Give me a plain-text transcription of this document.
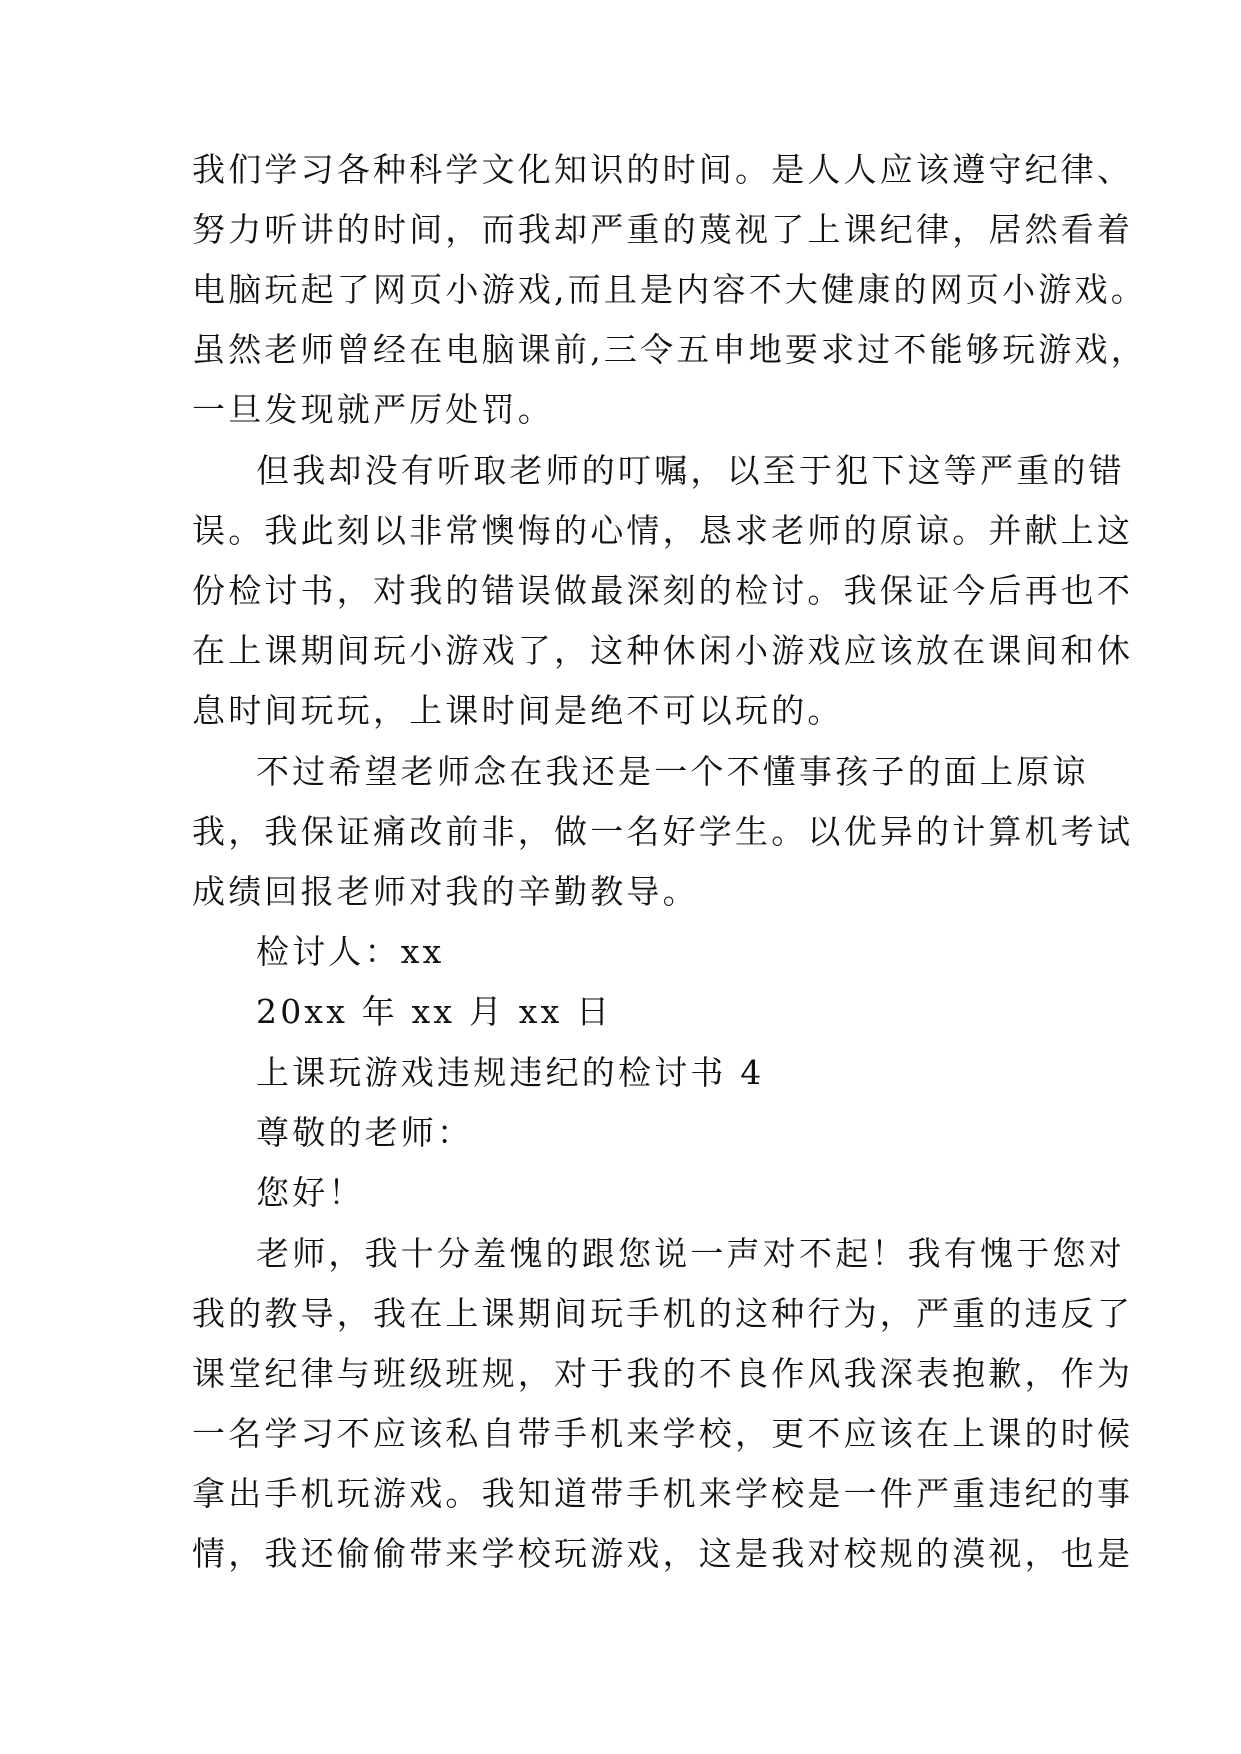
我们学习各种科学文化知识的时间。是人人应该遵守纪律、
努力听讲的时间，而我却严重的蔑视了上课纪律，居然看着
电脑玩起了网页小游戏,而且是内容不大健康的网页小游戏。
虽然老师曾经在电脑课前,三令五申地要求过不能够玩游戏，
一旦发现就严厉处罚。
但我却没有听取老师的叮嘱，以至于犯下这等严重的错
误。我此刻以非常懊悔的心情，恳求老师的原谅。并献上这
份检讨书，对我的错误做最深刻的检讨。我保证今后再也不
在上课期间玩小游戏了，这种休闲小游戏应该放在课间和休
息时间玩玩，上课时间是绝不可以玩的。
不过希望老师念在我还是一个不懂事孩子的面上原谅
我，我保证痛改前非，做一名好学生。以优异的计算机考试
成绩回报老师对我的辛勤教导。
检讨人：xx
20xx 年 xx 月 xx 日
上课玩游戏违规违纪的检讨书 4
尊敬的老师：
您好！
老师，我十分羞愧的跟您说一声对不起！我有愧于您对
我的教导，我在上课期间玩手机的这种行为，严重的违反了
课堂纪律与班级班规，对于我的不良作风我深表抱歉，作为
一名学习不应该私自带手机来学校，更不应该在上课的时候
拿出手机玩游戏。我知道带手机来学校是一件严重违纪的事
情，我还偷偷带来学校玩游戏，这是我对校规的漠视，也是
